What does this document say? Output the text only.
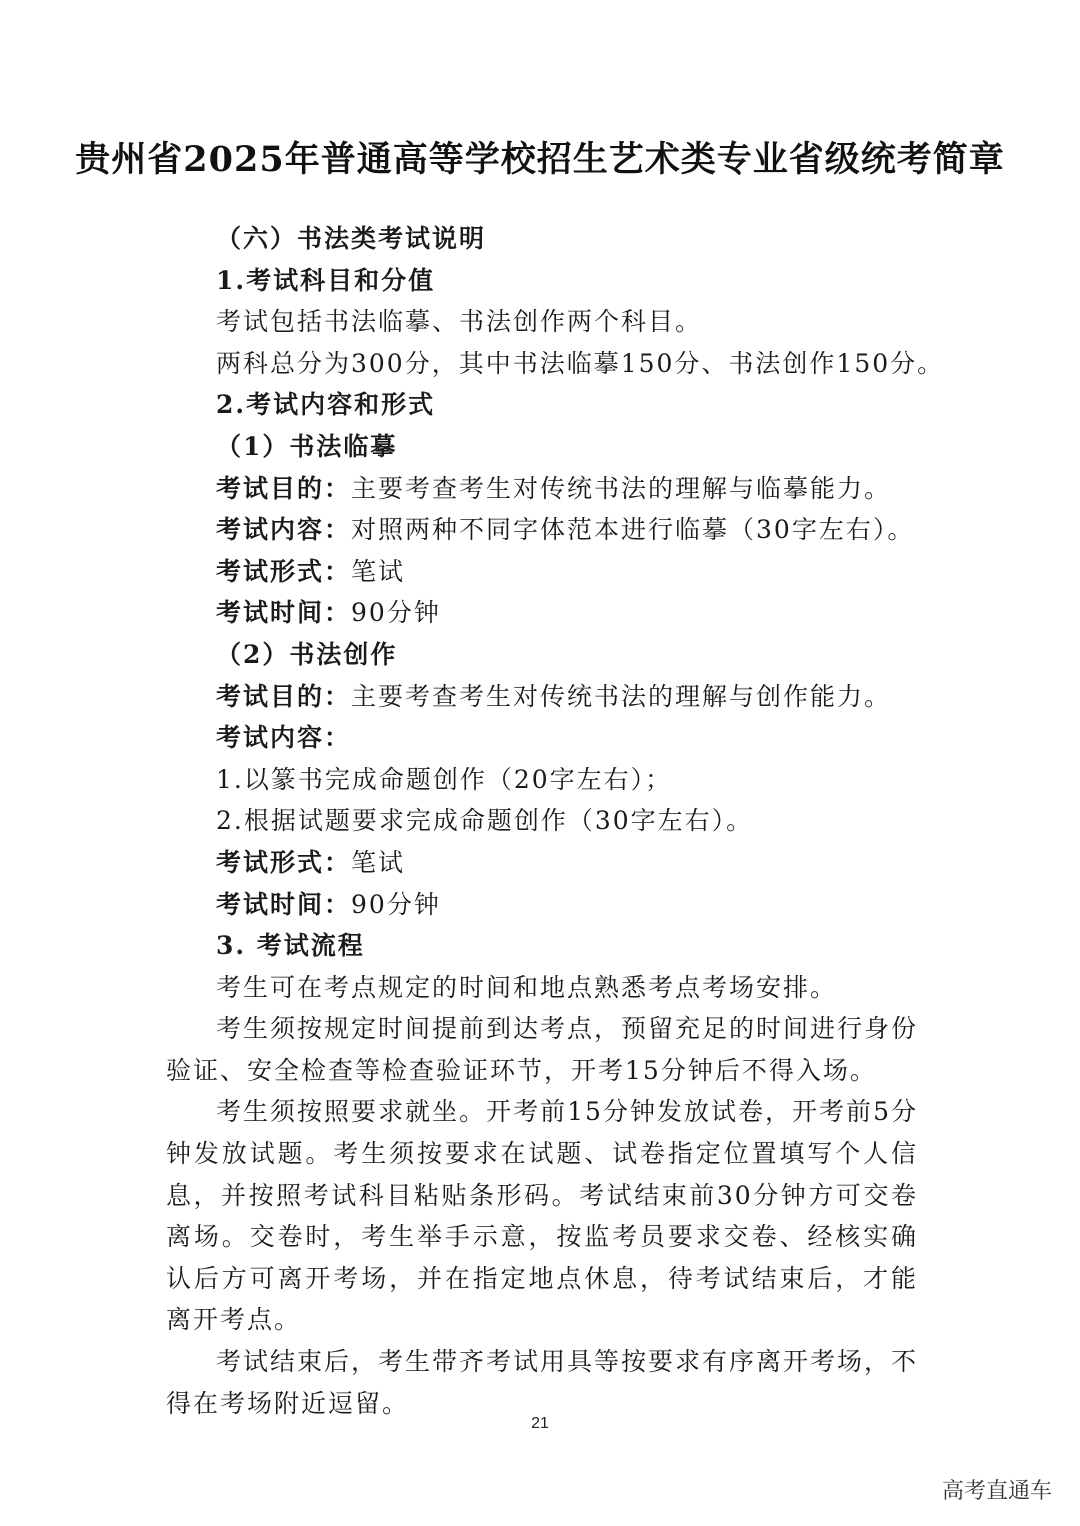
贵州省2025年普通高等学校招生艺术类专业省级统考简章
（六）书法类考试说明
1.考试科目和分值
考试包括书法临摹、书法创作两个科目。
两科总分为300分，其中书法临摹150分、书法创作150分。
2.考试内容和形式
（1）书法临摹
考试目的：主要考查考生对传统书法的理解与临摹能力。
考试内容：对照两种不同字体范本进行临摹（30字左右）。
考试形式：笔试
考试时间：90分钟
（2）书法创作
考试目的：主要考查考生对传统书法的理解与创作能力。
考试内容：
1.以篆书完成命题创作（20字左右）；
2.根据试题要求完成命题创作（30字左右）。
考试形式：笔试
考试时间：90分钟
3. 考试流程
考生可在考点规定的时间和地点熟悉考点考场安排。
考生须按规定时间提前到达考点，预留充足的时间进行身份验证、安全检查等检查验证环节，开考15分钟后不得入场。
考生须按照要求就坐。开考前15分钟发放试卷，开考前5分钟发放试题。考生须按要求在试题、试卷指定位置填写个人信息，并按照考试科目粘贴条形码。考试结束前30分钟方可交卷离场。交卷时，考生举手示意，按监考员要求交卷、经核实确认后方可离开考场，并在指定地点休息，待考试结束后，才能离开考点。
考试结束后，考生带齐考试用具等按要求有序离开考场，不得在考场附近逗留。
21
高考直通车
